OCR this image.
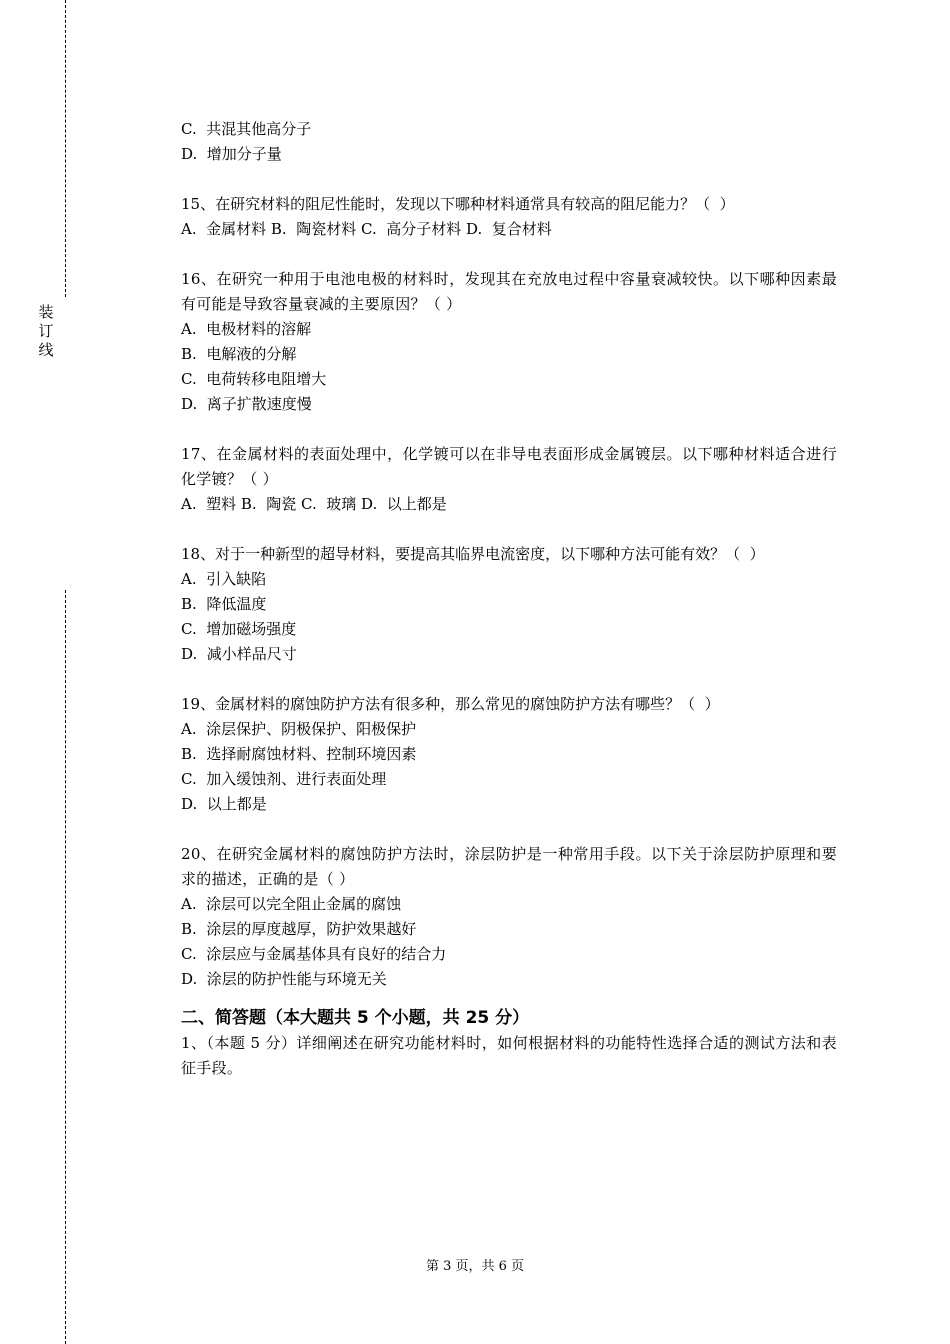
装
订
线
C.  共混其他高分子
D.  增加分子量
15、在研究材料的阻尼性能时，发现以下哪种材料通常具有较高的阻尼能力？（  ）
A.  金属材料 B.  陶瓷材料 C.  高分子材料 D.  复合材料
16、在研究一种用于电池电极的材料时，发现其在充放电过程中容量衰减较快。以下哪种因素最有可能是导致容量衰减的主要原因？（ ）
A.  电极材料的溶解
B.  电解液的分解
C.  电荷转移电阻增大
D.  离子扩散速度慢
17、在金属材料的表面处理中，化学镀可以在非导电表面形成金属镀层。以下哪种材料适合进行化学镀？（ ）
A.  塑料 B.  陶瓷 C.  玻璃 D.  以上都是
18、对于一种新型的超导材料，要提高其临界电流密度，以下哪种方法可能有效？（  ）
A.  引入缺陷
B.  降低温度
C.  增加磁场强度
D.  减小样品尺寸
19、金属材料的腐蚀防护方法有很多种，那么常见的腐蚀防护方法有哪些？（  ）
A.  涂层保护、阴极保护、阳极保护
B.  选择耐腐蚀材料、控制环境因素
C.  加入缓蚀剂、进行表面处理
D.  以上都是
20、在研究金属材料的腐蚀防护方法时，涂层防护是一种常用手段。以下关于涂层防护原理和要求的描述，正确的是（ ）
A.  涂层可以完全阻止金属的腐蚀
B.  涂层的厚度越厚，防护效果越好
C.  涂层应与金属基体具有良好的结合力
D.  涂层的防护性能与环境无关
二、简答题（本大题共 5 个小题，共 25 分）
1、（本题 5 分）详细阐述在研究功能材料时，如何根据材料的功能特性选择合适的测试方法和表征手段。
第 3 页，共 6 页
